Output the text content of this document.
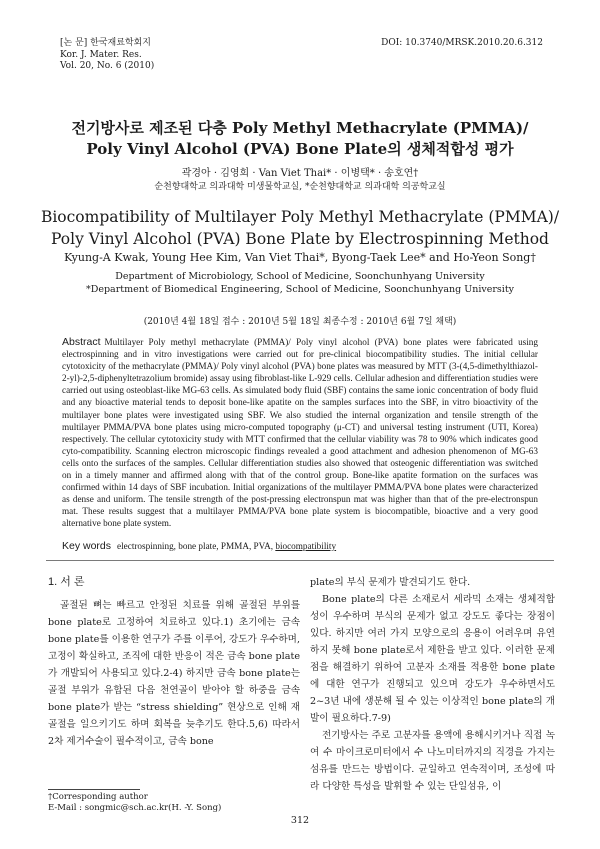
[논 문] 한국재료학회지
Kor. J. Mater. Res.
Vol. 20, No. 6 (2010)
DOI: 10.3740/MRSK.2010.20.6.312
전기방사로 제조된 다층 Poly Methyl Methacrylate (PMMA)/
Poly Vinyl Alcohol (PVA) Bone Plate의 생체적합성 평가
곽경아 · 김영희 · Van Viet Thai* · 이병택* · 송호연†
순천향대학교 의과대학 미생물학교실, *순천향대학교 의과대학 의공학교실
Biocompatibility of Multilayer Poly Methyl Methacrylate (PMMA)/
Poly Vinyl Alcohol (PVA) Bone Plate by Electrospinning Method
Kyung-A Kwak, Young Hee Kim, Van Viet Thai*, Byong-Taek Lee* and Ho-Yeon Song†
Department of Microbiology, School of Medicine, Soonchunhyang University
*Department of Biomedical Engineering, School of Medicine, Soonchunhyang University
(2010년 4월 18일 접수 : 2010년 5월 18일 최종수정 : 2010년 6월 7일 채택)
Abstract Multilayer Poly methyl methacrylate (PMMA)/ Poly vinyl alcohol (PVA) bone plates were fabricated using electrospinning and in vitro investigations were carried out for pre-clinical biocompatibility studies. The initial cellular cytotoxicity of the methacrylate (PMMA)/ Poly vinyl alcohol (PVA) bone plates was measured by MTT (3-(4,5-dimethylthiazol-2-yl)-2,5-diphenyltetrazolium bromide) assay using fibroblast-like L-929 cells. Cellular adhesion and differentiation studies were carried out using osteoblast-like MG-63 cells. As simulated body fluid (SBF) contains the same ionic concentration of body fluid and any bioactive material tends to deposit bone-like apatite on the samples surfaces into the SBF, in vitro bioactivity of the multilayer bone plates were investigated using SBF. We also studied the internal organization and tensile strength of the multilayer PMMA/PVA bone plates using micro-computed topography (μ-CT) and universal testing instrument (UTI, Korea) respectively. The cellular cytotoxicity study with MTT confirmed that the cellular viability was 78 to 90% which indicates good cyto-compatibility. Scanning electron microscopic findings revealed a good attachment and adhesion phenomenon of MG-63 cells onto the surfaces of the samples. Cellular differentiation studies also showed that osteogenic differentiation was switched on in a timely manner and affirmed along with that of the control group. Bone-like apatite formation on the surfaces was confirmed within 14 days of SBF incubation. Initial organizations of the multilayer PMMA/PVA bone plates were characterized as dense and uniform. The tensile strength of the post-pressing electronspun mat was higher than that of the pre-electronspun mat. These results suggest that a multilayer PMMA/PVA bone plate system is biocompatible, bioactive and a very good alternative bone plate system.
Key words electrospinning, bone plate, PMMA, PVA, biocompatibility
1. 서 론

골절된 뼈는 빠르고 안정된 치료를 위해 골절된 부위를 bone plate로 고정하여 치료하고 있다.1) 초기에는 금속 bone plate를 이용한 연구가 주를 이루어, 강도가 우수하며, 고정이 확실하고, 조직에 대한 반응이 적은 금속 bone plate가 개발되어 사용되고 있다.2-4) 하지만 금속 bone plate는 골절 부위가 유합된 다음 천연골이 받아야 할 하중을 금속 bone plate가 받는 “stress shielding” 현상으로 인해 재골절을 일으키기도 하며 회복을 늦추기도 한다.5,6) 따라서 2차 제거수술이 필수적이고, 금속 bone

plate의 부식 문제가 발견되기도 한다.

Bone plate의 다른 소재로서 세라믹 소재는 생체적합성이 우수하며 부식의 문제가 없고 강도도 좋다는 장점이 있다. 하지만 여러 가지 모양으로의 응용이 어려우며 유연하지 못해 bone plate로서 제한을 받고 있다. 이러한 문제점을 해결하기 위하여 고분자 소재를 적용한 bone plate에 대한 연구가 진행되고 있으며 강도가 우수하면서도 2~3년 내에 생분해 될 수 있는 이상적인 bone plate의 개발이 필요하다.7-9)

전기방사는 주로 고분자를 용액에 용해시키거나 직접 녹여 수 마이크로미터에서 수 나노미터까지의 직경을 가지는 섬유를 만드는 방법이다. 균일하고 연속적이며, 조성에 따라 다양한 특성을 발휘할 수 있는 단일섬유, 이

†Corresponding author
E-Mail : songmic@sch.ac.kr(H. -Y. Song)
312
